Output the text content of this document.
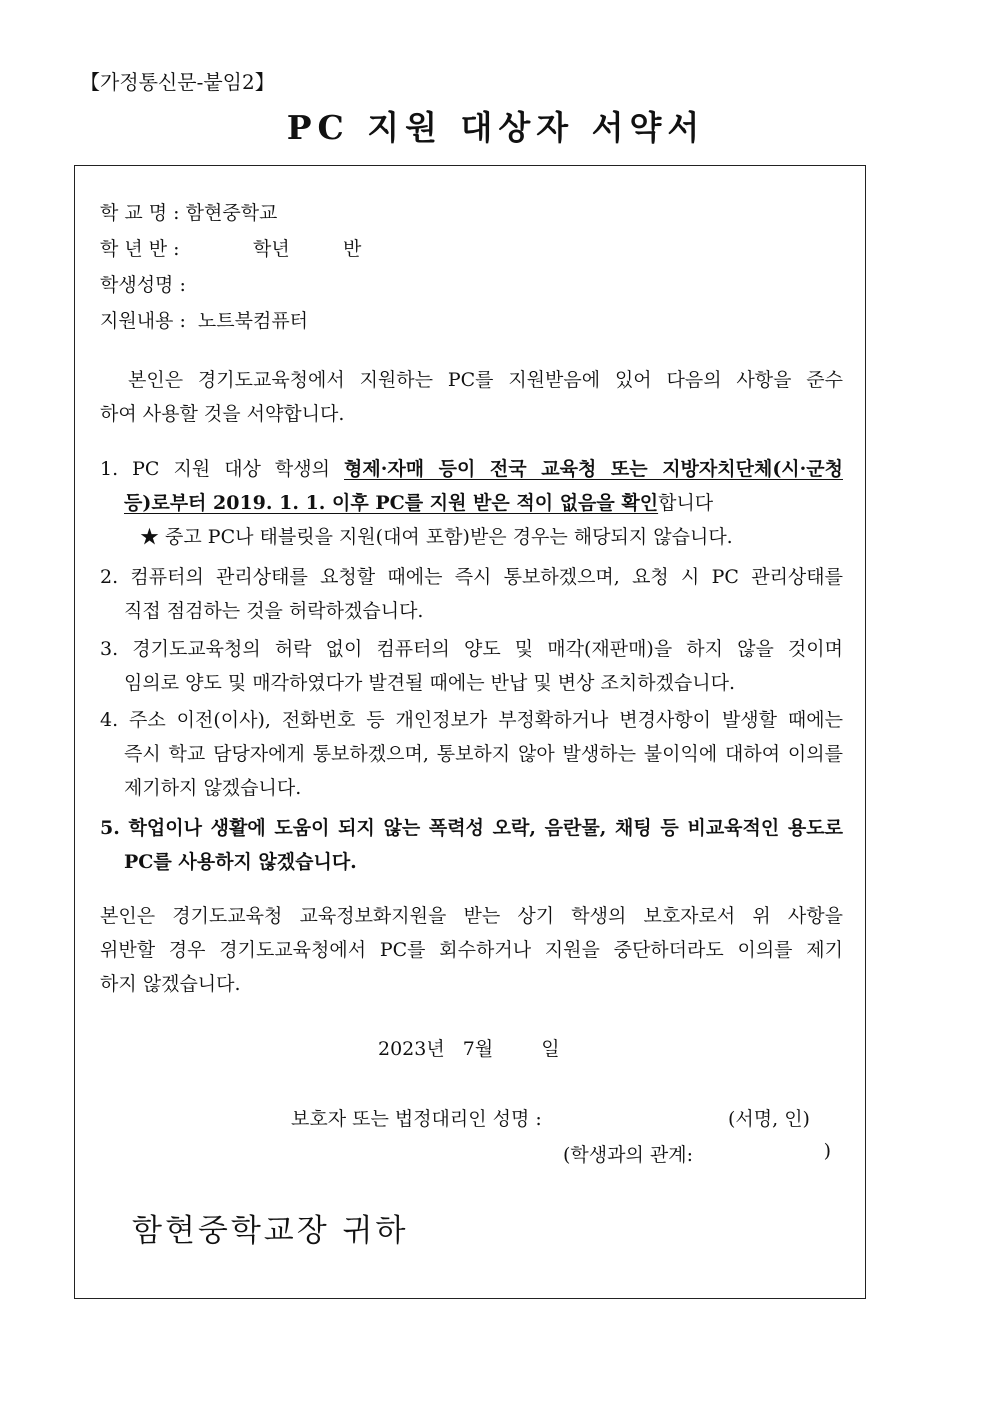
【가정통신문-붙임2】
PC 지원 대상자 서약서
학 교 명 : 함현중학교
학 년 반 :	학년	반
학생성명 :
지원내용 : 노트북컴퓨터
본인은 경기도교육청에서 지원하는 PC를 지원받음에 있어 다음의 사항을 준수
하여 사용할 것을 서약합니다.
1. PC 지원 대상 학생의 형제·자매 등이 전국 교육청 또는 지방자치단체(시·군청
등)로부터 2019. 1. 1. 이후 PC를 지원 받은 적이 없음을 확인합니다
★ 중고 PC나 태블릿을 지원(대여 포함)받은 경우는 해당되지 않습니다.
2. 컴퓨터의 관리상태를 요청할 때에는 즉시 통보하겠으며, 요청 시 PC 관리상태를
직접 점검하는 것을 허락하겠습니다.
3. 경기도교육청의 허락 없이 컴퓨터의 양도 및 매각(재판매)을 하지 않을 것이며
임의로 양도 및 매각하였다가 발견될 때에는 반납 및 변상 조치하겠습니다.
4. 주소 이전(이사), 전화번호 등 개인정보가 부정확하거나 변경사항이 발생할 때에는
즉시 학교 담당자에게 통보하겠으며, 통보하지 않아 발생하는 불이익에 대하여 이의를
제기하지 않겠습니다.
5. 학업이나 생활에 도움이 되지 않는 폭력성 오락, 음란물, 채팅 등 비교육적인 용도로
PC를 사용하지 않겠습니다.
본인은 경기도교육청 교육정보화지원을 받는 상기 학생의 보호자로서 위 사항을
위반할 경우 경기도교육청에서 PC를 회수하거나 지원을 중단하더라도 이의를 제기
하지 않겠습니다.
2023년 7월	일
보호자 또는 법정대리인 성명 :	(서명, 인)
(학생과의 관계:	)
함현중학교장 귀하
